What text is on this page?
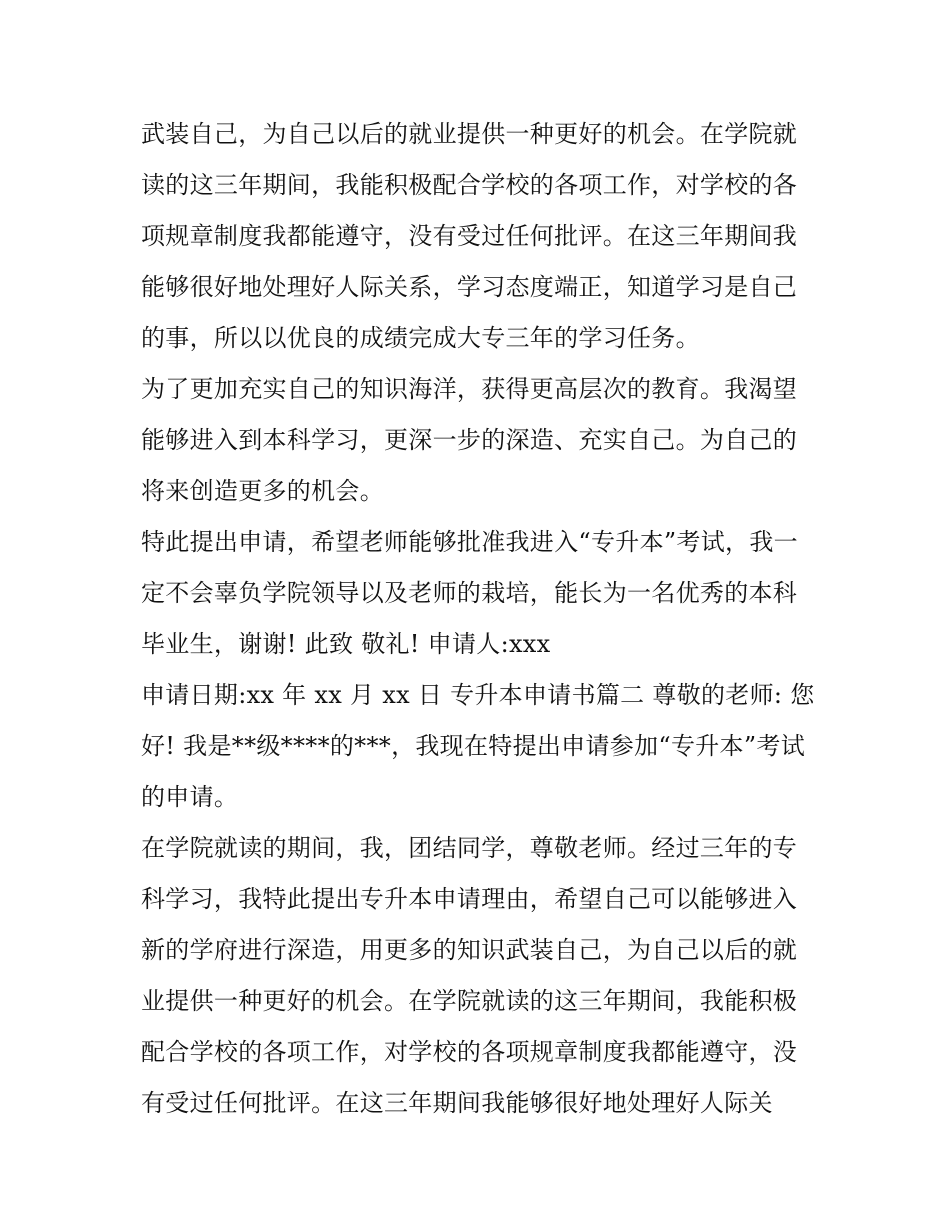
武装自己，为自己以后的就业提供一种更好的机会。在学院就
读的这三年期间，我能积极配合学校的各项工作，对学校的各
项规章制度我都能遵守，没有受过任何批评。在这三年期间我
能够很好地处理好人际关系，学习态度端正，知道学习是自己
的事，所以以优良的成绩完成大专三年的学习任务。
为了更加充实自己的知识海洋，获得更高层次的教育。我渴望
能够进入到本科学习，更深一步的深造、充实自己。为自己的
将来创造更多的机会。
特此提出申请，希望老师能够批准我进入“专升本”考试，我一
定不会辜负学院领导以及老师的栽培，能长为一名优秀的本科
毕业生，谢谢! 此致 敬礼! 申请人:xxx
申请日期:xx 年 xx 月 xx 日 专升本申请书篇二 尊敬的老师: 您
好! 我是**级****的***，我现在特提出申请参加“专升本”考试
的申请。
在学院就读的期间，我，团结同学，尊敬老师。经过三年的专
科学习，我特此提出专升本申请理由，希望自己可以能够进入
新的学府进行深造，用更多的知识武装自己，为自己以后的就
业提供一种更好的机会。在学院就读的这三年期间，我能积极
配合学校的各项工作，对学校的各项规章制度我都能遵守，没
有受过任何批评。在这三年期间我能够很好地处理好人际关
